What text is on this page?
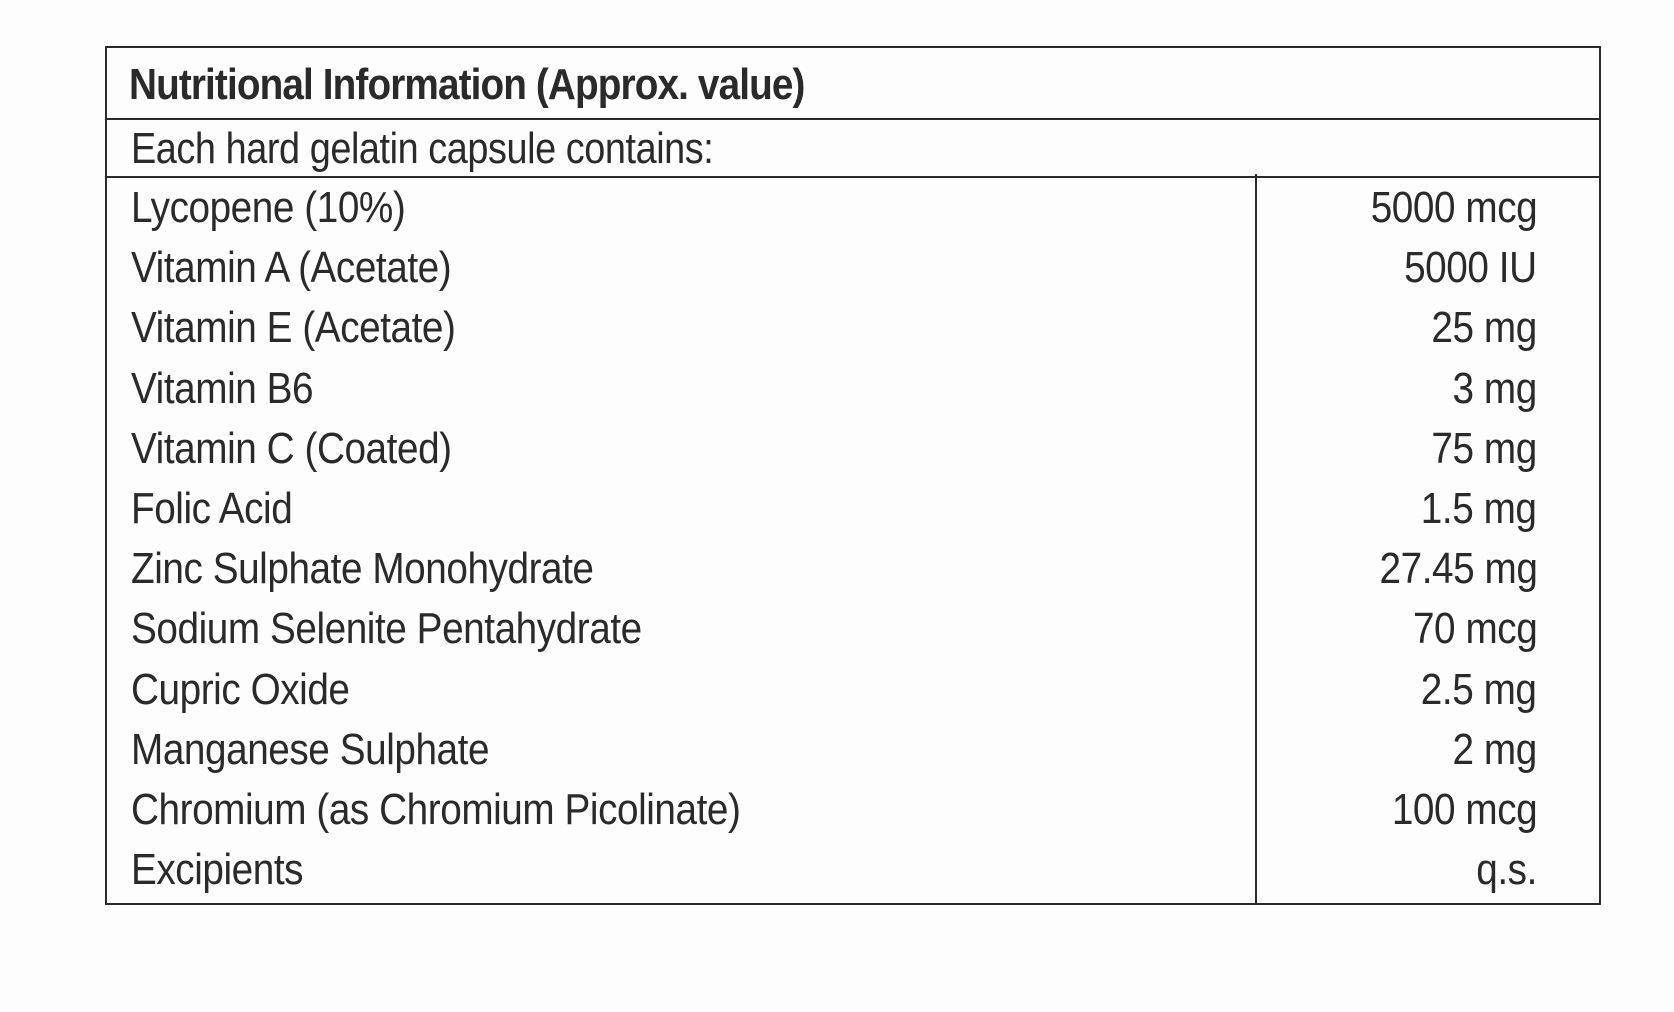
Nutritional Information (Approx. value)
Each hard gelatin capsule contains:
Lycopene (10%)	5000 mcg
Vitamin A (Acetate)	5000 IU
Vitamin E (Acetate)	25 mg
Vitamin B6	3 mg
Vitamin C (Coated)	75 mg
Folic Acid	1.5 mg
Zinc Sulphate Monohydrate	27.45 mg
Sodium Selenite Pentahydrate	70 mcg
Cupric Oxide	2.5 mg
Manganese Sulphate	2 mg
Chromium (as Chromium Picolinate)	100 mcg
Excipients	q.s.
